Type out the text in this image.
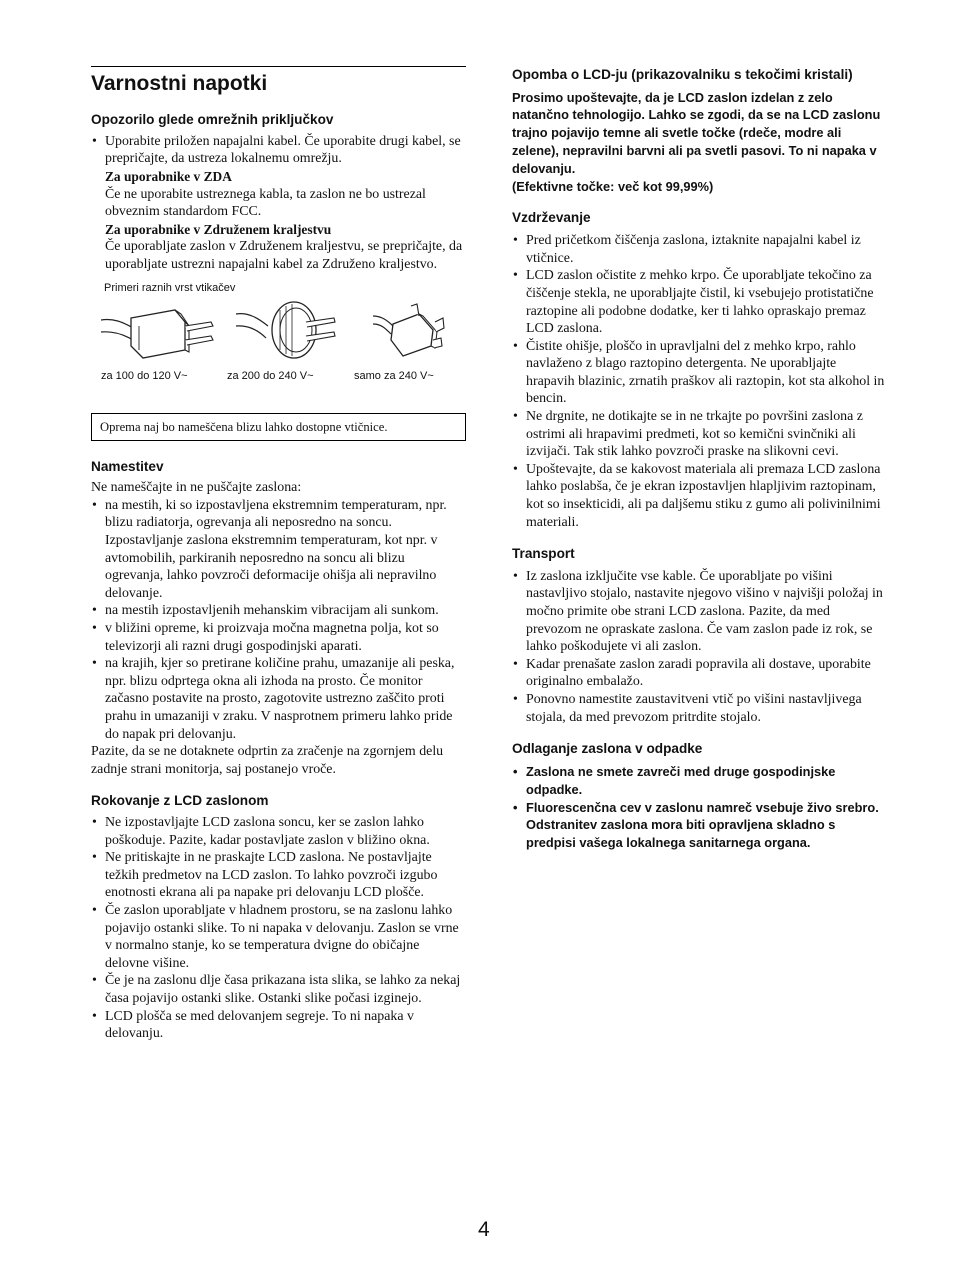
Varnostni napotki
Opozorilo glede omrežnih priključkov
• Uporabite priložen napajalni kabel. Če uporabite drugi kabel, se prepričajte, da ustreza lokalnemu omrežju.
Za uporabnike v ZDA
Če ne uporabite ustreznega kabla, ta zaslon ne bo ustrezal obveznim standardom FCC.
Za uporabnike v Združenem kraljestvu
Če uporabljate zaslon v Združenem kraljestvu, se prepričajte, da uporabljate ustrezni napajalni kabel za Združeno kraljestvo.
Primeri raznih vrst vtikačev
za 100 do 120 V~	za 200 do 240 V~	samo za 240 V~
Oprema naj bo nameščena blizu lahko dostopne vtičnice.
Namestitev

Ne nameščajte in ne puščajte zaslona:

• na mestih, ki so izpostavljena ekstremnim temperaturam, npr. blizu radiatorja, ogrevanja ali neposredno na soncu. Izpostavljanje zaslona ekstremnim temperaturam, kot npr. v avtomobilih, parkiranih neposredno na soncu ali blizu ogrevanja, lahko povzroči deformacije ohišja ali nepravilno delovanje.
• na mestih izpostavljenih mehanskim vibracijam ali sunkom.
• v bližini opreme, ki proizvaja močna magnetna polja, kot so televizorji ali razni drugi gospodinjski aparati.
• na krajih, kjer so pretirane količine prahu, umazanije ali peska, npr. blizu odprtega okna ali izhoda na prosto. Če monitor začasno postavite na prosto, zagotovite ustrezno zaščito proti prahu in umazaniji v zraku. V nasprotnem primeru lahko pride do napak pri delovanju.

Pazite, da se ne dotaknete odprtin za zračenje na zgornjem delu zadnje strani monitorja, saj postanejo vroče.

Rokovanje z LCD zaslonom
• Ne izpostavljajte LCD zaslona soncu, ker se zaslon lahko poškoduje. Pazite, kadar postavljate zaslon v bližino okna.
• Ne pritiskajte in ne praskajte LCD zaslona. Ne postavljajte težkih predmetov na LCD zaslon. To lahko povzroči izgubo enotnosti ekrana ali pa napake pri delovanju LCD plošče.
• Če zaslon uporabljate v hladnem prostoru, se na zaslonu lahko pojavijo ostanki slike. To ni napaka v delovanju. Zaslon se vrne v normalno stanje, ko se temperatura dvigne do običajne delovne višine.
• Če je na zaslonu dlje časa prikazana ista slika, se lahko za nekaj časa pojavijo ostanki slike. Ostanki slike počasi izginejo.
• LCD plošča se med delovanjem segreje. To ni napaka v delovanju.
Opomba o LCD-ju (prikazovalniku s tekočimi kristali)
Prosimo upoštevajte, da je LCD zaslon izdelan z zelo natančno tehnologijo. Lahko se zgodi, da se na LCD zaslonu trajno pojavijo temne ali svetle točke (rdeče, modre ali zelene), nepravilni barvni ali pa svetli pasovi. To ni napaka v delovanju.
(Efektivne točke: več kot 99,99%)
Vzdrževanje
• Pred pričetkom čiščenja zaslona, iztaknite napajalni kabel iz vtičnice.
• LCD zaslon očistite z mehko krpo. Če uporabljate tekočino za čiščenje stekla, ne uporabljajte čistil, ki vsebujejo protistatične raztopine ali podobne dodatke, ker ti lahko opraskajo premaz LCD zaslona.
• Čistite ohišje, ploščo in upravljalni del z mehko krpo, rahlo navlaženo z blago raztopino detergenta. Ne uporabljajte hrapavih blazinic, zrnatih praškov ali raztopin, kot sta alkohol in bencin.
• Ne drgnite, ne dotikajte se in ne trkajte po površini zaslona z ostrimi ali hrapavimi predmeti, kot so kemični svinčniki ali izvijači. Tak stik lahko povzroči praske na slikovni cevi.
• Upoštevajte, da se kakovost materiala ali premaza LCD zaslona lahko poslabša, če je ekran izpostavljen hlapljivim raztopinam, kot so insekticidi, ali pa daljšemu stiku z gumo ali polivinilnimi materiali.
Transport
• Iz zaslona izključite vse kable. Če uporabljate po višini nastavljivo stojalo, nastavite njegovo višino v najvišji položaj in močno primite obe strani LCD zaslona. Pazite, da med prevozom ne opraskate zaslona. Če vam zaslon pade iz rok, se lahko poškodujete vi ali zaslon.
• Kadar prenašate zaslon zaradi popravila ali dostave, uporabite originalno embalažo.
• Ponovno namestite zaustavitveni vtič po višini nastavljivega stojala, da med prevozom pritrdite stojalo.
Odlaganje zaslona v odpadke
• Zaslona ne smete zavreči med druge gospodinjske odpadke.
• Fluorescenčna cev v zaslonu namreč vsebuje živo srebro. Odstranitev zaslona mora biti opravljena skladno s predpisi vašega lokalnega sanitarnega organa.
4
